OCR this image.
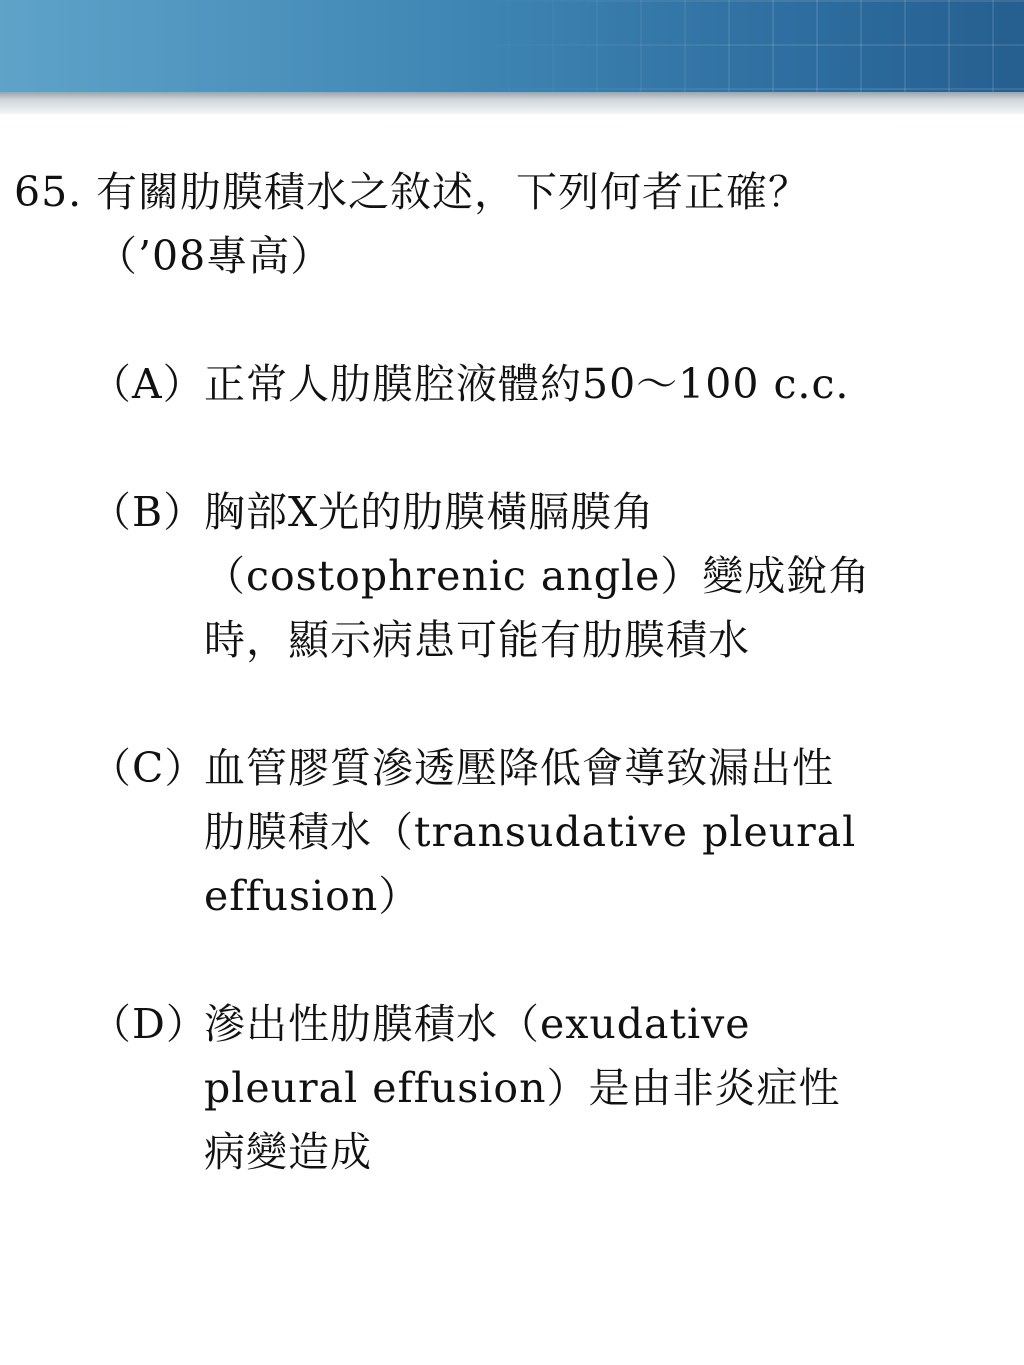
65. 有關肋膜積水之敘述，下列何者正確？
（’08專高）
（A） 正常人肋膜腔液體約50～100 c.c.
（B）
胸部X光的肋膜橫膈膜角
（costophrenic angle）變成銳角
時，顯示病患可能有肋膜積水
（C）
血管膠質滲透壓降低會導致漏出性
肋膜積水（transudative pleural
effusion）
（D）
滲出性肋膜積水（exudative
pleural effusion）是由非炎症性
病變造成
